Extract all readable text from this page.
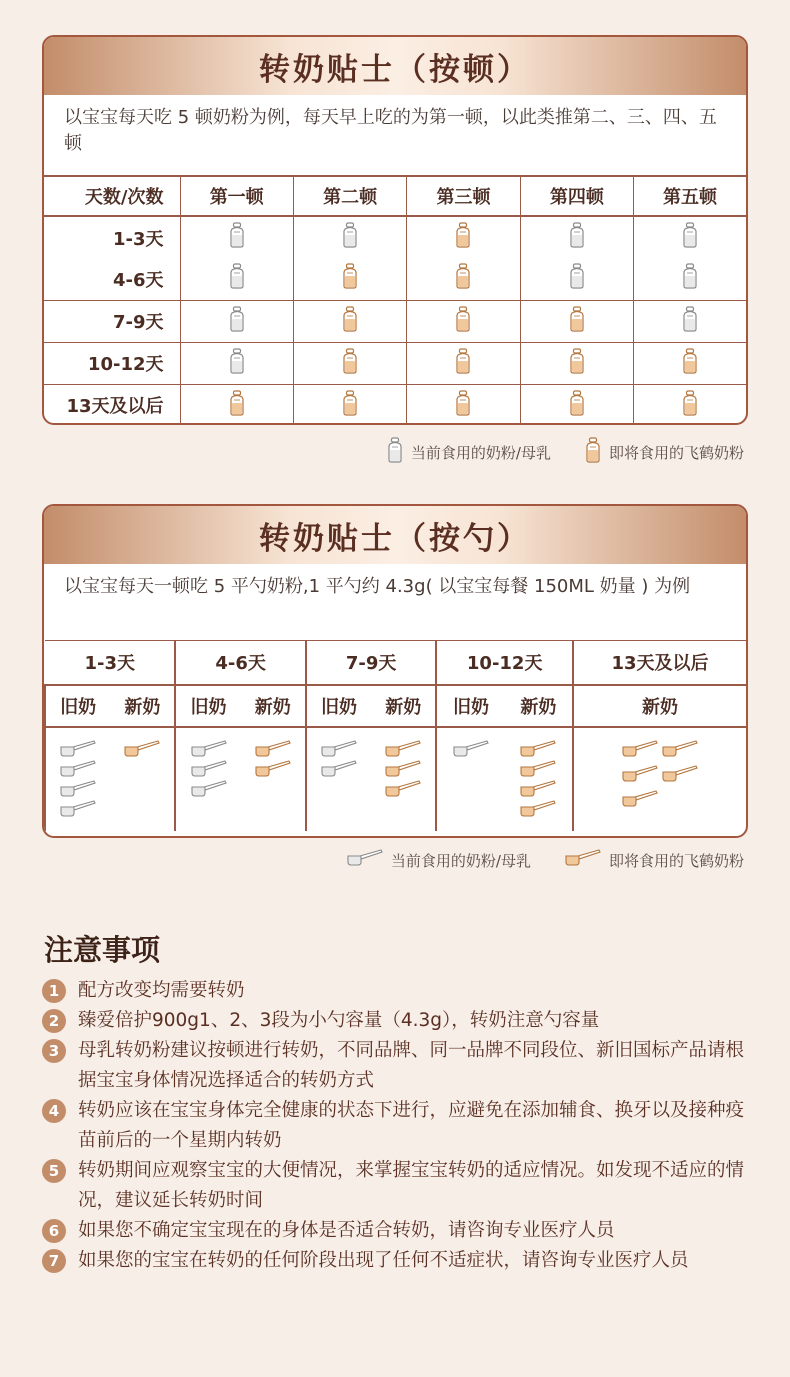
转奶贴士（按顿）
以宝宝每天吃 5 顿奶粉为例，每天早上吃的为第一顿，以此类推第二、三、四、五顿
天数/次数	第一顿	第二顿	第三顿	第四顿	第五顿
1-3天					
4-6天					
7-9天					
10-12天					
13天及以后					
当前食用的奶粉/母乳	即将食用的飞鹤奶粉
转奶贴士（按勺）
以宝宝每天一顿吃 5 平勺奶粉,1 平勺约 4.3g( 以宝宝每餐 150ML 奶量 ) 为例
1-3天		4-6天		7-9天		10-12天		13天及以后
旧奶	新奶	旧奶	新奶	旧奶	新奶	旧奶	新奶	新奶

当前食用的奶粉/母乳	即将食用的飞鹤奶粉
注意事项
1	配方改变均需要转奶
2	臻爱倍护900g1、2、3段为小勺容量（4.3g），转奶注意勺容量
3	母乳转奶粉建议按顿进行转奶，不同品牌、同一品牌不同段位、新旧国标产品请根据宝宝身体情况选择适合的转奶方式
4	转奶应该在宝宝身体完全健康的状态下进行，应避免在添加辅食、换牙以及接种疫苗前后的一个星期内转奶
5	转奶期间应观察宝宝的大便情况，来掌握宝宝转奶的适应情况。如发现不适应的情况，建议延长转奶时间
6	如果您不确定宝宝现在的身体是否适合转奶，请咨询专业医疗人员
7	如果您的宝宝在转奶的任何阶段出现了任何不适症状，请咨询专业医疗人员
